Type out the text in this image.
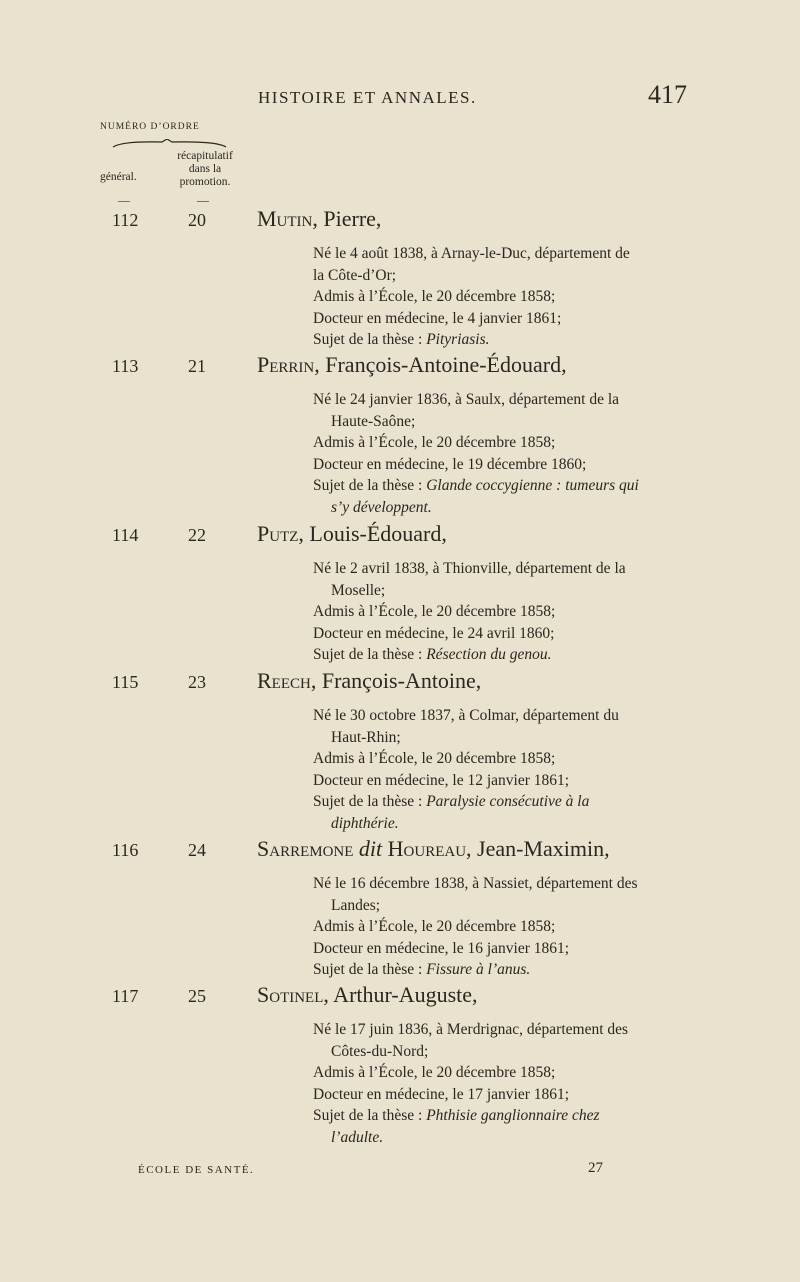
HISTOIRE ET ANNALES.	417
NUMÉRO D’ORDRE
général.
récapitulatif
dans la
promotion.
—	—
112	20 Mutin, Pierre,
Né le 4 août 1838, à Arnay-le-Duc, département de
la Côte-d’Or;
Admis à l’École, le 20 décembre 1858;
Docteur en médecine, le 4 janvier 1861;
Sujet de la thèse : Pityriasis.
113	21 Perrin, François-Antoine-Édouard,
Né le 24 janvier 1836, à Saulx, département de la
Haute-Saône;
Admis à l’École, le 20 décembre 1858;
Docteur en médecine, le 19 décembre 1860;
Sujet de la thèse : Glande coccygienne : tumeurs qui
s’y développent.
114	22 Putz, Louis-Édouard,
Né le 2 avril 1838, à Thionville, département de la
Moselle;
Admis à l’École, le 20 décembre 1858;
Docteur en médecine, le 24 avril 1860;
Sujet de la thèse : Résection du genou.
115	23 Reech, François-Antoine,
Né le 30 octobre 1837, à Colmar, département du
Haut-Rhin;
Admis à l’École, le 20 décembre 1858;
Docteur en médecine, le 12 janvier 1861;
Sujet de la thèse : Paralysie consécutive à la
diphthérie.
116	24 Sarremone dit Houreau, Jean-Maximin,
Né le 16 décembre 1838, à Nassiet, département des
Landes;
Admis à l’École, le 20 décembre 1858;
Docteur en médecine, le 16 janvier 1861;
Sujet de la thèse : Fissure à l’anus.
117	25 Sotinel, Arthur-Auguste,
Né le 17 juin 1836, à Merdrignac, département des
Côtes-du-Nord;
Admis à l’École, le 20 décembre 1858;
Docteur en médecine, le 17 janvier 1861;
Sujet de la thèse : Phthisie ganglionnaire chez
l’adulte.
ÉCOLE DE SANTÉ.	27
